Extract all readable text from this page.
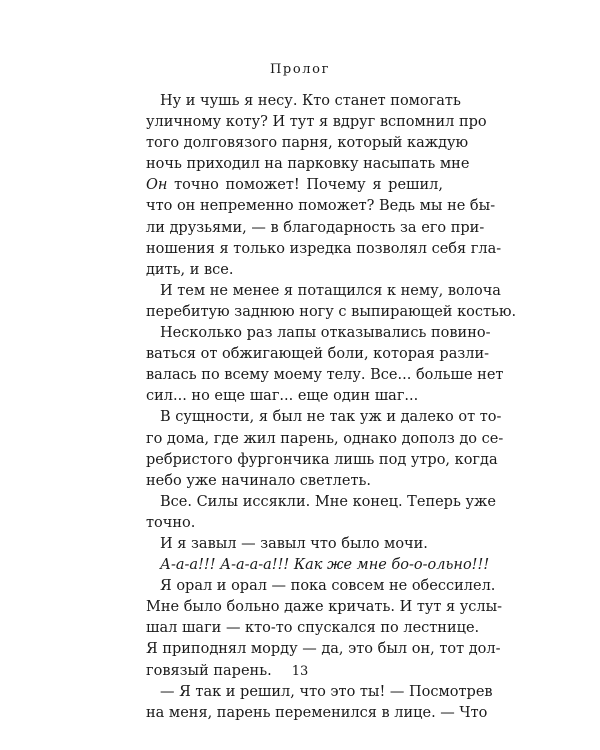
Пролог
Ну и чушь я несу. Кто станет помогать
уличному коту? И тут я вдруг вспомнил про
того долговязого парня, который каждую
ночь приходил на парковку насыпать мне
Он точно поможет! Почему я решил,
что он непременно поможет? Ведь мы не бы-
ли друзьями, — в благодарность за его при-
ношения я только изредка позволял себя гла-
дить, и все.
И тем не менее я потащился к нему, волоча
перебитую заднюю ногу с выпирающей костью.
Несколько раз лапы отказывались повино-
ваться от обжигающей боли, которая разли-
валась по всему моему телу. Все... больше нет
сил... но еще шаг... еще один шаг...
В сущности, я был не так уж и далеко от то-
го дома, где жил парень, однако дополз до се-
ребристого фургончика лишь под утро, когда
небо уже начинало светлеть.
Все. Силы иссякли. Мне конец. Теперь уже
точно.
И я завыл — завыл что было мочи.
А-а-а!!! А-а-а-а!!! Как же мне бо-о-ольно!!!
Я орал и орал — пока совсем не обессилел.
Мне было больно даже кричать. И тут я услы-
шал шаги — кто-то спускался по лестнице.
Я приподнял морду — да, это был он, тот дол-
говязый парень.
— Я так и решил, что это ты! — Посмотрев
на меня, парень переменился в лице. — Что
13
